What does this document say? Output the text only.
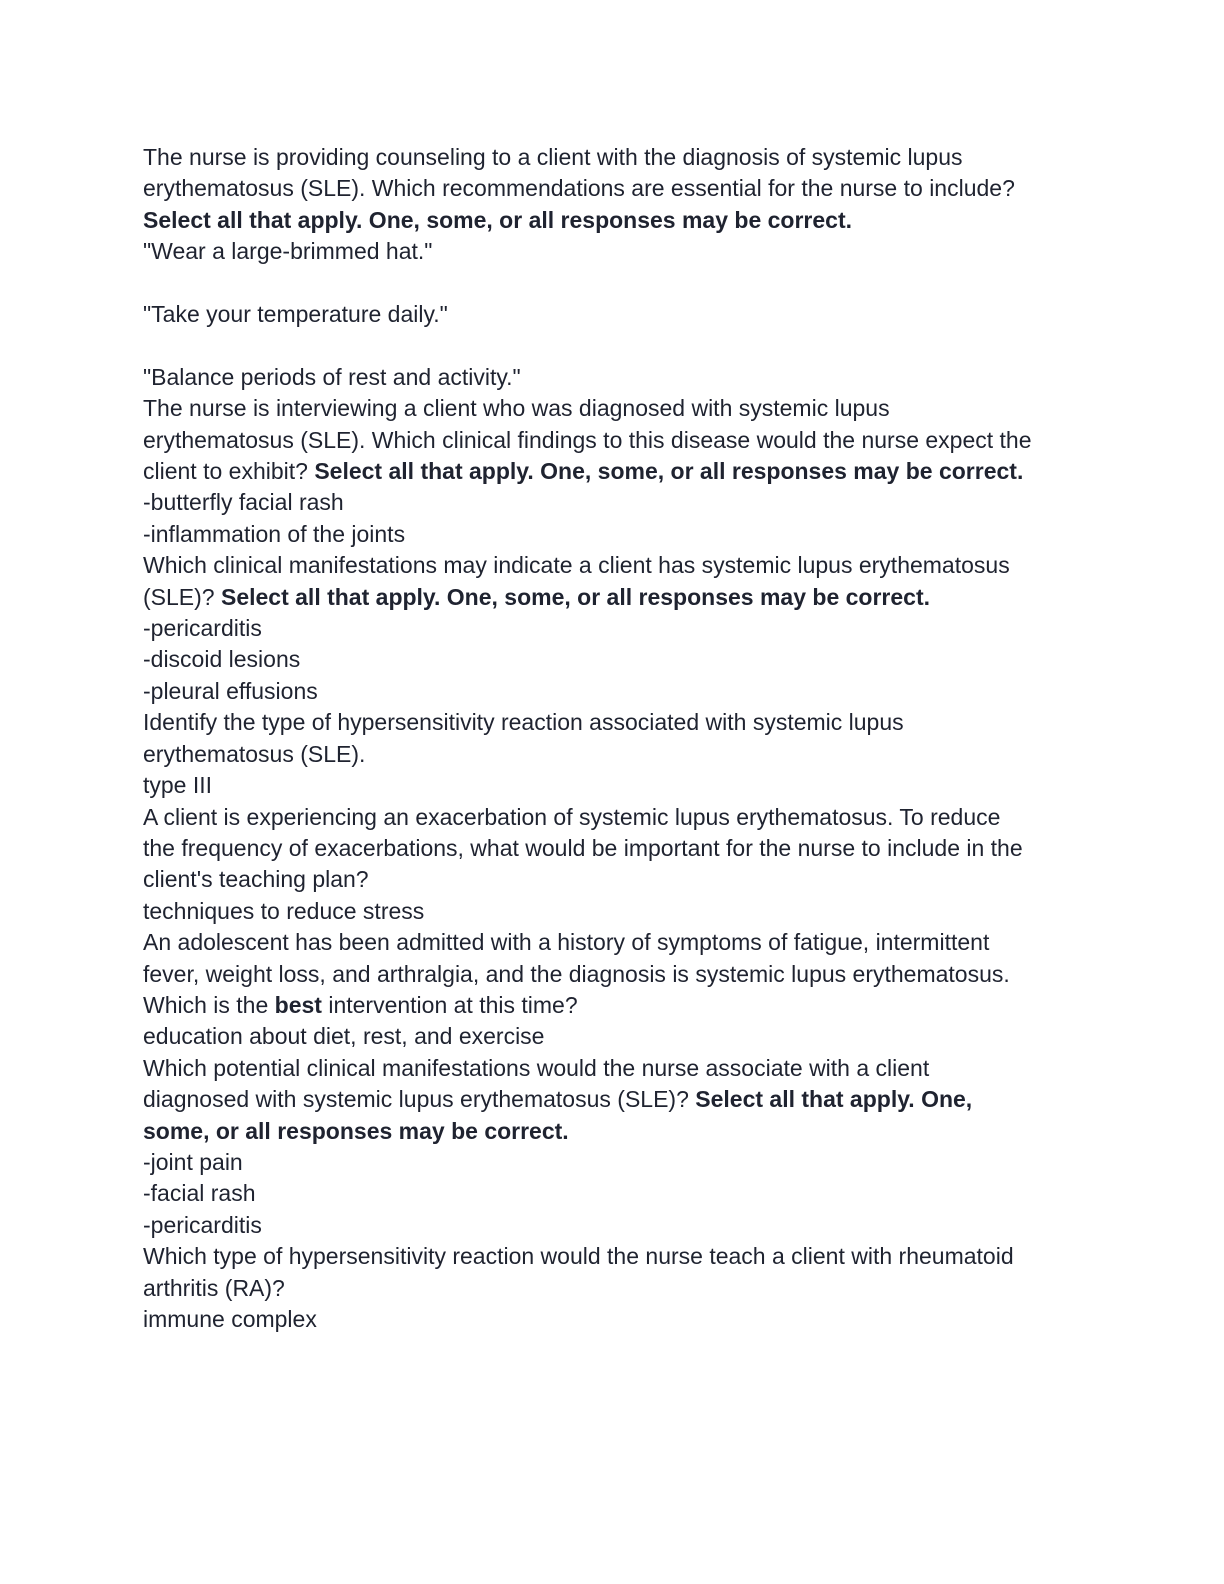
The nurse is providing counseling to a client with the diagnosis of systemic lupus
erythematosus (SLE). Which recommendations are essential for the nurse to include?
Select all that apply. One, some, or all responses may be correct.
"Wear a large-brimmed hat."
"Take your temperature daily."
"Balance periods of rest and activity."
The nurse is interviewing a client who was diagnosed with systemic lupus
erythematosus (SLE). Which clinical findings to this disease would the nurse expect the
client to exhibit? Select all that apply. One, some, or all responses may be correct.
-butterfly facial rash
-inflammation of the joints
Which clinical manifestations may indicate a client has systemic lupus erythematosus
(SLE)? Select all that apply. One, some, or all responses may be correct.
-pericarditis
-discoid lesions
-pleural effusions
Identify the type of hypersensitivity reaction associated with systemic lupus
erythematosus (SLE).
type III
A client is experiencing an exacerbation of systemic lupus erythematosus. To reduce
the frequency of exacerbations, what would be important for the nurse to include in the
client's teaching plan?
techniques to reduce stress
An adolescent has been admitted with a history of symptoms of fatigue, intermittent
fever, weight loss, and arthralgia, and the diagnosis is systemic lupus erythematosus.
Which is the best intervention at this time?
education about diet, rest, and exercise
Which potential clinical manifestations would the nurse associate with a client
diagnosed with systemic lupus erythematosus (SLE)? Select all that apply. One,
some, or all responses may be correct.
-joint pain
-facial rash
-pericarditis
Which type of hypersensitivity reaction would the nurse teach a client with rheumatoid
arthritis (RA)?
immune complex
